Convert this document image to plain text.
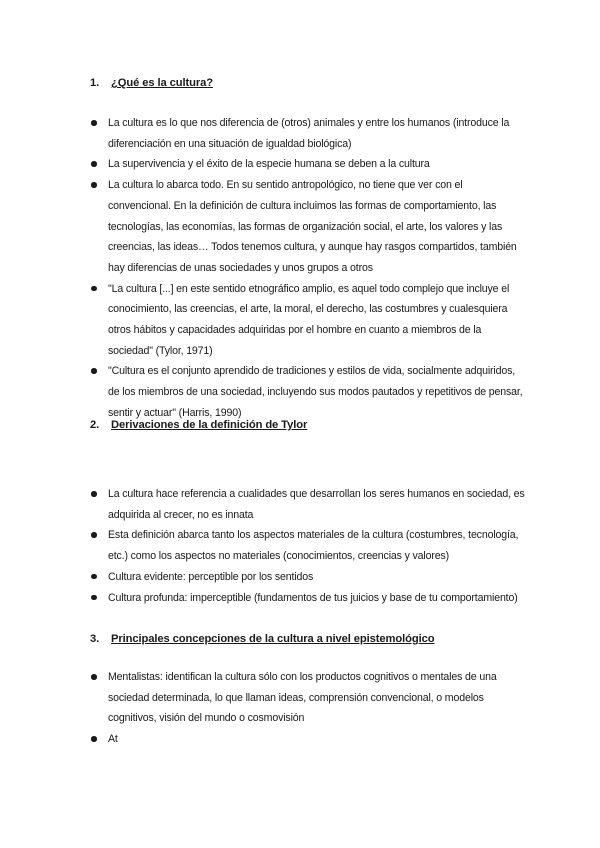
1. ¿Qué es la cultura?
La cultura es lo que nos diferencia de (otros) animales y entre los humanos (introduce la diferenciación en una situación de igualdad biológica)
La supervivencia y el éxito de la especie humana se deben a la cultura
La cultura lo abarca todo. En su sentido antropológico, no tiene que ver con el convencional. En la definición de cultura incluimos las formas de comportamiento, las tecnologías, las economías, las formas de organización social, el arte, los valores y las creencias, las ideas… Todos tenemos cultura, y aunque hay rasgos compartidos, también hay diferencias de unas sociedades y unos grupos a otros
"La cultura [...] en este sentido etnográfico amplio, es aquel todo complejo que incluye el conocimiento, las creencias, el arte, la moral, el derecho, las costumbres y cualesquiera otros hábitos y capacidades adquiridas por el hombre en cuanto a miembros de la sociedad" (Tylor, 1971)
"Cultura es el conjunto aprendido de tradiciones y estilos de vida, socialmente adquiridos, de los miembros de una sociedad, incluyendo sus modos pautados y repetitivos de pensar, sentir y actuar" (Harris, 1990)
2. Derivaciones de la definición de Tylor
La cultura hace referencia a cualidades que desarrollan los seres humanos en sociedad, es adquirida al crecer, no es innata
Esta definición abarca tanto los aspectos materiales de la cultura (costumbres, tecnología, etc.) como los aspectos no materiales (conocimientos, creencias y valores)
Cultura evidente: perceptible por los sentidos
Cultura profunda: imperceptible (fundamentos de tus juicios y base de tu comportamiento)
3. Principales concepciones de la cultura a nivel epistemológico
Mentalistas: identifican la cultura sólo con los productos cognitivos o mentales de una sociedad determinada, lo que llaman ideas, comprensión convencional, o modelos cognitivos, visión del mundo o cosmovisión
At
